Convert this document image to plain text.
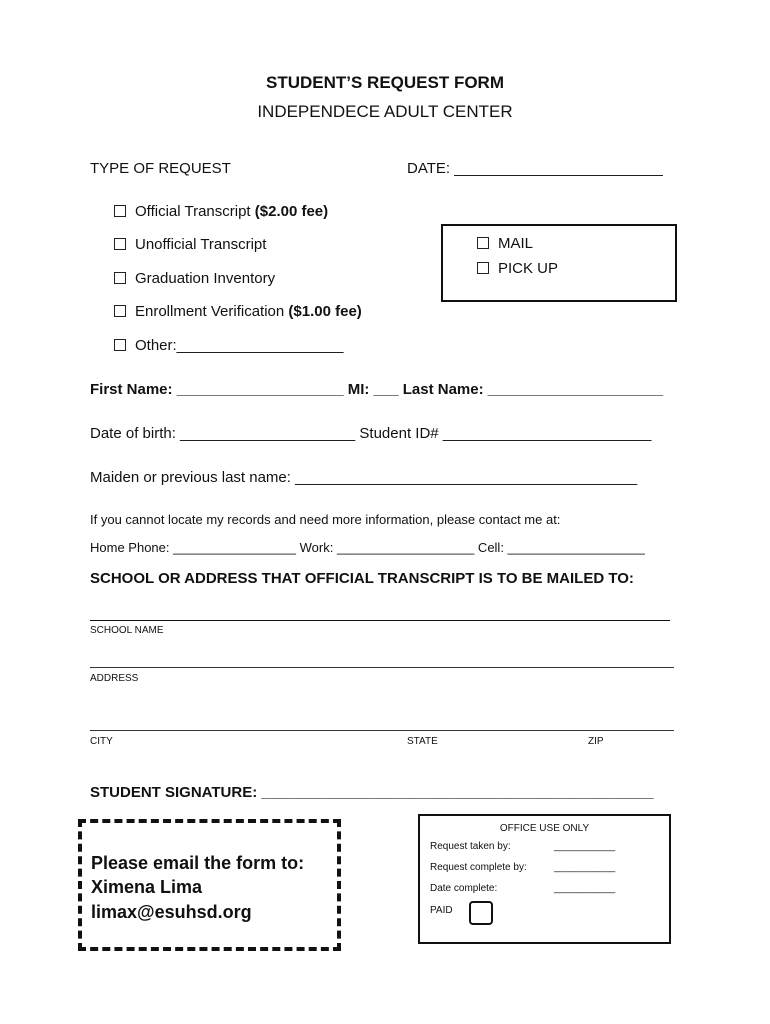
STUDENT’S REQUEST FORM
INDEPENDECE ADULT CENTER
TYPE OF REQUEST	DATE: _________________________
Official Transcript ($2.00 fee)
Unofficial Transcript
Graduation Inventory
Enrollment Verification ($1.00 fee)
Other:____________________
MAIL
PICK UP
First Name: ____________________ MI: ___ Last Name: _____________________
Date of birth: _____________________ Student ID# _________________________
Maiden or previous last name: _________________________________________
If you cannot locate my records and need more information, please contact me at:
Home Phone: _________________ Work: ___________________ Cell: ___________________
SCHOOL OR ADDRESS THAT OFFICIAL TRANSCRIPT IS TO BE MAILED TO:
SCHOOL NAME
ADDRESS
CITY	STATE	ZIP
STUDENT SIGNATURE: _______________________________________________
Please email the form to:
Ximena Lima
limax@esuhsd.org
OFFICE USE ONLY
Request taken by:	___________
Request complete by:	___________
Date complete:	___________
PAID
